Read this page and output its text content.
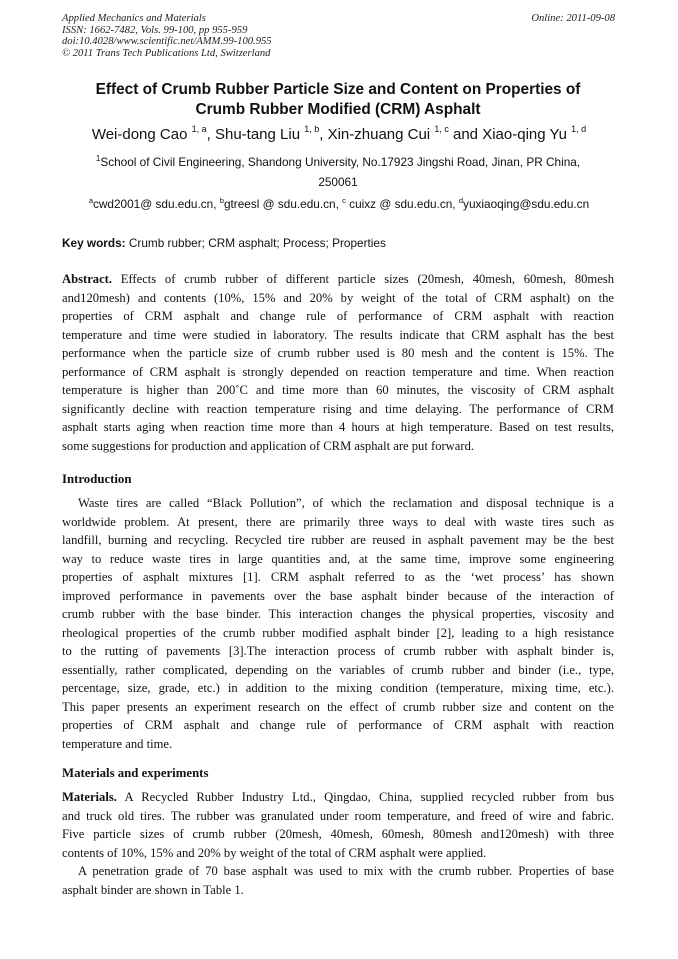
Applied Mechanics and Materials
ISSN: 1662-7482, Vols. 99-100, pp 955-959
doi:10.4028/www.scientific.net/AMM.99-100.955
© 2011 Trans Tech Publications Ltd, Switzerland
Online: 2011-09-08
Effect of Crumb Rubber Particle Size and Content on Properties of
Crumb Rubber Modified (CRM) Asphalt
Wei-dong Cao $^{1, a}$, Shu-tang Liu $^{1, b}$, Xin-zhuang Cui $^{1, c}$ and Xiao-qing Yu $^{1, d}$
$^1$School of Civil Engineering, Shandong University, No.17923 Jingshi Road, Jinan, PR China,
250061
$^a$cwd2001@ sdu.edu.cn, $^b$gtreesl @ sdu.edu.cn, $^c$ cuixz @ sdu.edu.cn, $^d$yuxiaoqing@sdu.edu.cn
Key words: Crumb rubber; CRM asphalt; Process; Properties
Abstract. Effects of crumb rubber of different particle sizes (20mesh, 40mesh, 60mesh, 80mesh
and120mesh) and contents (10%, 15% and 20% by weight of the total of CRM asphalt) on the
properties of CRM asphalt and change rule of performance of CRM asphalt with reaction
temperature and time were studied in laboratory. The results indicate that CRM asphalt has the best
performance when the particle size of crumb rubber used is 80 mesh and the content is 15%. The
performance of CRM asphalt is strongly depended on reaction temperature and time. When reaction
temperature is higher than 200˚C and time more than 60 minutes, the viscosity of CRM asphalt
significantly decline with reaction temperature rising and time delaying. The performance of CRM
asphalt starts aging when reaction time more than 4 hours at high temperature. Based on test results,
some suggestions for production and application of CRM asphalt are put forward.
Introduction
Waste tires are called “Black Pollution”, of which the reclamation and disposal technique is a
worldwide problem. At present, there are primarily three ways to deal with waste tires such as
landfill, burning and recycling. Recycled tire rubber are reused in asphalt pavement may be the best
way to reduce waste tires in large quantities and, at the same time, improve some engineering
properties of asphalt mixtures [1]. CRM asphalt referred to as the ‘wet process’ has shown
improved performance in pavements over the base asphalt binder because of the interaction of
crumb rubber with the base binder. This interaction changes the physical properties, viscosity and
rheological properties of the crumb rubber modified asphalt binder [2], leading to a high resistance
to the rutting of pavements [3].The interaction process of crumb rubber with asphalt binder is,
essentially, rather complicated, depending on the variables of crumb rubber and binder (i.e., type,
percentage, size, grade, etc.) in addition to the mixing condition (temperature, mixing time, etc.).
This paper presents an experiment research on the effect of crumb rubber size and content on the
properties of CRM asphalt and change rule of performance of CRM asphalt with reaction
temperature and time.
Materials and experiments
Materials. A Recycled Rubber Industry Ltd., Qingdao, China, supplied recycled rubber from bus
and truck old tires. The rubber was granulated under room temperature, and freed of wire and fabric.
Five particle sizes of crumb rubber (20mesh, 40mesh, 60mesh, 80mesh and120mesh) with three
contents of 10%, 15% and 20% by weight of the total of CRM asphalt were applied.
A penetration grade of 70 base asphalt was used to mix with the crumb rubber. Properties of base
asphalt binder are shown in Table 1.
